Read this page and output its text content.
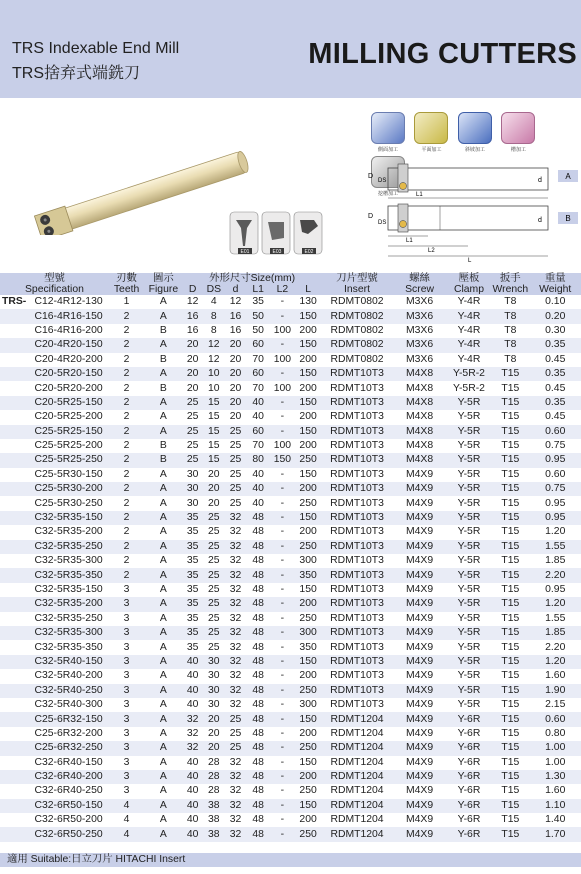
TRS Indexable End Mill
TRS捨弃式端銑刀
MILLING CUTTERS
E01	E03	E02
側面加工
	平面加工
	斜坡加工
	槽加工

挖槽加工
D
DS	d
L1
A
D
DS	d
L1
L2
L
B
型號
Specification		刃數
Teeth	圖示
Figure	外形尺寸Size(mm)						刀片型號
Insert	螺絲
Screw	壓板
Clamp	扳手
Wrench	重量
Weight
				D	DS	d	L1	L2	L					
TRS-	C12-4R12-130	1	A	12	4	12	35	-	130	RDMT0802	M3X6	Y-4R	T8	0.10
	C16-4R16-150	2	A	16	8	16	50	-	150	RDMT0802	M3X6	Y-4R	T8	0.20
	C16-4R16-200	2	B	16	8	16	50	100	200	RDMT0802	M3X6	Y-4R	T8	0.30
	C20-4R20-150	2	A	20	12	20	60	-	150	RDMT0802	M3X6	Y-4R	T8	0.35
	C20-4R20-200	2	B	20	12	20	70	100	200	RDMT0802	M3X6	Y-4R	T8	0.45
	C20-5R20-150	2	A	20	10	20	60	-	150	RDMT10T3	M4X8	Y-5R-2	T15	0.35
	C20-5R20-200	2	B	20	10	20	70	100	200	RDMT10T3	M4X8	Y-5R-2	T15	0.45
	C20-5R25-150	2	A	25	15	20	40	-	150	RDMT10T3	M4X8	Y-5R	T15	0.35
	C20-5R25-200	2	A	25	15	20	40	-	200	RDMT10T3	M4X8	Y-5R	T15	0.45
	C25-5R25-150	2	A	25	15	25	60	-	150	RDMT10T3	M4X8	Y-5R	T15	0.60
	C25-5R25-200	2	B	25	15	25	70	100	200	RDMT10T3	M4X8	Y-5R	T15	0.75
	C25-5R25-250	2	B	25	15	25	80	150	250	RDMT10T3	M4X8	Y-5R	T15	0.95
	C25-5R30-150	2	A	30	20	25	40	-	150	RDMT10T3	M4X9	Y-5R	T15	0.60
	C25-5R30-200	2	A	30	20	25	40	-	200	RDMT10T3	M4X9	Y-5R	T15	0.75
	C25-5R30-250	2	A	30	20	25	40	-	250	RDMT10T3	M4X9	Y-5R	T15	0.95
	C32-5R35-150	2	A	35	25	32	48	-	150	RDMT10T3	M4X9	Y-5R	T15	0.95
	C32-5R35-200	2	A	35	25	32	48	-	200	RDMT10T3	M4X9	Y-5R	T15	1.20
	C32-5R35-250	2	A	35	25	32	48	-	250	RDMT10T3	M4X9	Y-5R	T15	1.55
	C32-5R35-300	2	A	35	25	32	48	-	300	RDMT10T3	M4X9	Y-5R	T15	1.85
	C32-5R35-350	2	A	35	25	32	48	-	350	RDMT10T3	M4X9	Y-5R	T15	2.20
	C32-5R35-150	3	A	35	25	32	48	-	150	RDMT10T3	M4X9	Y-5R	T15	0.95
	C32-5R35-200	3	A	35	25	32	48	-	200	RDMT10T3	M4X9	Y-5R	T15	1.20
	C32-5R35-250	3	A	35	25	32	48	-	250	RDMT10T3	M4X9	Y-5R	T15	1.55
	C32-5R35-300	3	A	35	25	32	48	-	300	RDMT10T3	M4X9	Y-5R	T15	1.85
	C32-5R35-350	3	A	35	25	32	48	-	350	RDMT10T3	M4X9	Y-5R	T15	2.20
	C32-5R40-150	3	A	40	30	32	48	-	150	RDMT10T3	M4X9	Y-5R	T15	1.20
	C32-5R40-200	3	A	40	30	32	48	-	200	RDMT10T3	M4X9	Y-5R	T15	1.60
	C32-5R40-250	3	A	40	30	32	48	-	250	RDMT10T3	M4X9	Y-5R	T15	1.90
	C32-5R40-300	3	A	40	30	32	48	-	300	RDMT10T3	M4X9	Y-5R	T15	2.15
	C25-6R32-150	3	A	32	20	25	48	-	150	RDMT1204	M4X9	Y-6R	T15	0.60
	C25-6R32-200	3	A	32	20	25	48	-	200	RDMT1204	M4X9	Y-6R	T15	0.80
	C25-6R32-250	3	A	32	20	25	48	-	250	RDMT1204	M4X9	Y-6R	T15	1.00
	C32-6R40-150	3	A	40	28	32	48	-	150	RDMT1204	M4X9	Y-6R	T15	1.00
	C32-6R40-200	3	A	40	28	32	48	-	200	RDMT1204	M4X9	Y-6R	T15	1.30
	C32-6R40-250	3	A	40	28	32	48	-	250	RDMT1204	M4X9	Y-6R	T15	1.60
	C32-6R50-150	4	A	40	38	32	48	-	150	RDMT1204	M4X9	Y-6R	T15	1.10
	C32-6R50-200	4	A	40	38	32	48	-	200	RDMT1204	M4X9	Y-6R	T15	1.40
	C32-6R50-250	4	A	40	38	32	48	-	250	RDMT1204	M4X9	Y-6R	T15	1.70
適用 Suitable:日立刀片 HITACHI Insert
